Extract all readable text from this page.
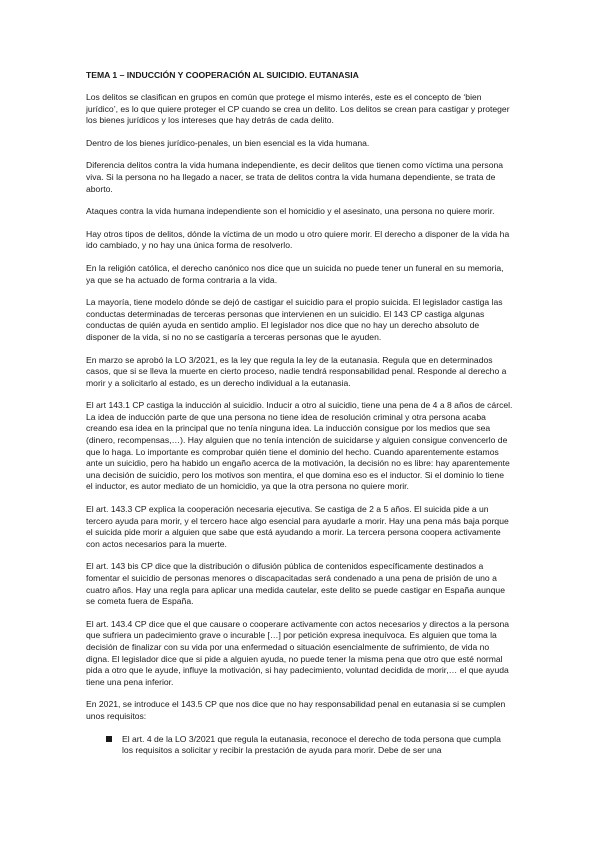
TEMA 1 – INDUCCIÓN Y COOPERACIÓN AL SUICIDIO. EUTANASIA

Los delitos se clasifican en grupos en común que protege el mismo interés, este es el concepto de ‘bien jurídico’, es lo que quiere proteger el CP cuando se crea un delito. Los delitos se crean para castigar y proteger los bienes jurídicos y los intereses que hay detrás de cada delito.

Dentro de los bienes jurídico-penales, un bien esencial es la vida humana.

Diferencia delitos contra la vida humana independiente, es decir delitos que tienen como víctima una persona viva. Si la persona no ha llegado a nacer, se trata de delitos contra la vida humana dependiente, se trata de aborto.

Ataques contra la vida humana independiente son el homicidio y el asesinato, una persona no quiere morir.

Hay otros tipos de delitos, dónde la víctima de un modo u otro quiere morir. El derecho a disponer de la vida ha ido cambiado, y no hay una única forma de resolverlo.

En la religión católica, el derecho canónico nos dice que un suicida no puede tener un funeral en su memoria, ya que se ha actuado de forma contraria a la vida.

La mayoría, tiene modelo dónde se dejó de castigar el suicidio para el propio suicida. El legislador castiga las conductas determinadas de terceras personas que intervienen en un suicidio. El 143 CP castiga algunas conductas de quién ayuda en sentido amplio. El legislador nos dice que no hay un derecho absoluto de disponer de la vida, si no no se castigaría a terceras personas que le ayuden.

En marzo se aprobó la LO 3/2021, es la ley que regula la ley de la eutanasia. Regula que en determinados casos, que si se lleva la muerte en cierto proceso, nadie tendrá responsabilidad penal. Responde al derecho a morir y a solicitarlo al estado, es un derecho individual a la eutanasia.

El art 143.1 CP castiga la inducción al suicidio. Inducir a otro al suicidio, tiene una pena de 4 a 8 años de cárcel. La idea de inducción parte de que una persona no tiene idea de resolución criminal y otra persona acaba creando esa idea en la principal que no tenía ninguna idea. La inducción consigue por los medios que sea (dinero, recompensas,…). Hay alguien que no tenía intención de suicidarse y alguien consigue convencerlo de que lo haga. Lo importante es comprobar quién tiene el dominio del hecho. Cuando aparentemente estamos ante un suicidio, pero ha habido un engaño acerca de la motivación, la decisión no es libre: hay aparentemente una decisión de suicidio, pero los motivos son mentira, el que domina eso es el inductor. Si el dominio lo tiene el inductor, es autor mediato de un homicidio, ya que la otra persona no quiere morir.

El art. 143.3 CP explica la cooperación necesaria ejecutiva. Se castiga de 2 a 5 años. El suicida pide a un tercero ayuda para morir, y el tercero hace algo esencial para ayudarle a morir. Hay una pena más baja porque el suicida pide morir a alguien que sabe que está ayudando a morir. La tercera persona coopera activamente con actos necesarios para la muerte.

El art. 143 bis CP dice que la distribución o difusión pública de contenidos específicamente destinados a fomentar el suicidio de personas menores o discapacitadas será condenado a una pena de prisión de uno a cuatro años. Hay una regla para aplicar una medida cautelar, este delito se puede castigar en España aunque se cometa fuera de España.

El art. 143.4 CP dice que el que causare o cooperare activamente con actos necesarios y directos a la persona que sufriera un padecimiento grave o incurable […] por petición expresa inequívoca. Es alguien que toma la decisión de finalizar con su vida por una enfermedad o situación esencialmente de sufrimiento, de vida no digna. El legislador dice que si pide a alguien ayuda, no puede tener la misma pena que otro que esté normal pida a otro que le ayude, influye la motivación, si hay padecimiento, voluntad decidida de morir,… el que ayuda tiene una pena inferior.

En 2021, se introduce el 143.5 CP que nos dice que no hay responsabilidad penal en eutanasia si se cumplen unos requisitos:

El art. 4 de la LO 3/2021 que regula la eutanasia, reconoce el derecho de toda persona que cumpla los requisitos a solicitar y recibir la prestación de ayuda para morir. Debe de ser una
